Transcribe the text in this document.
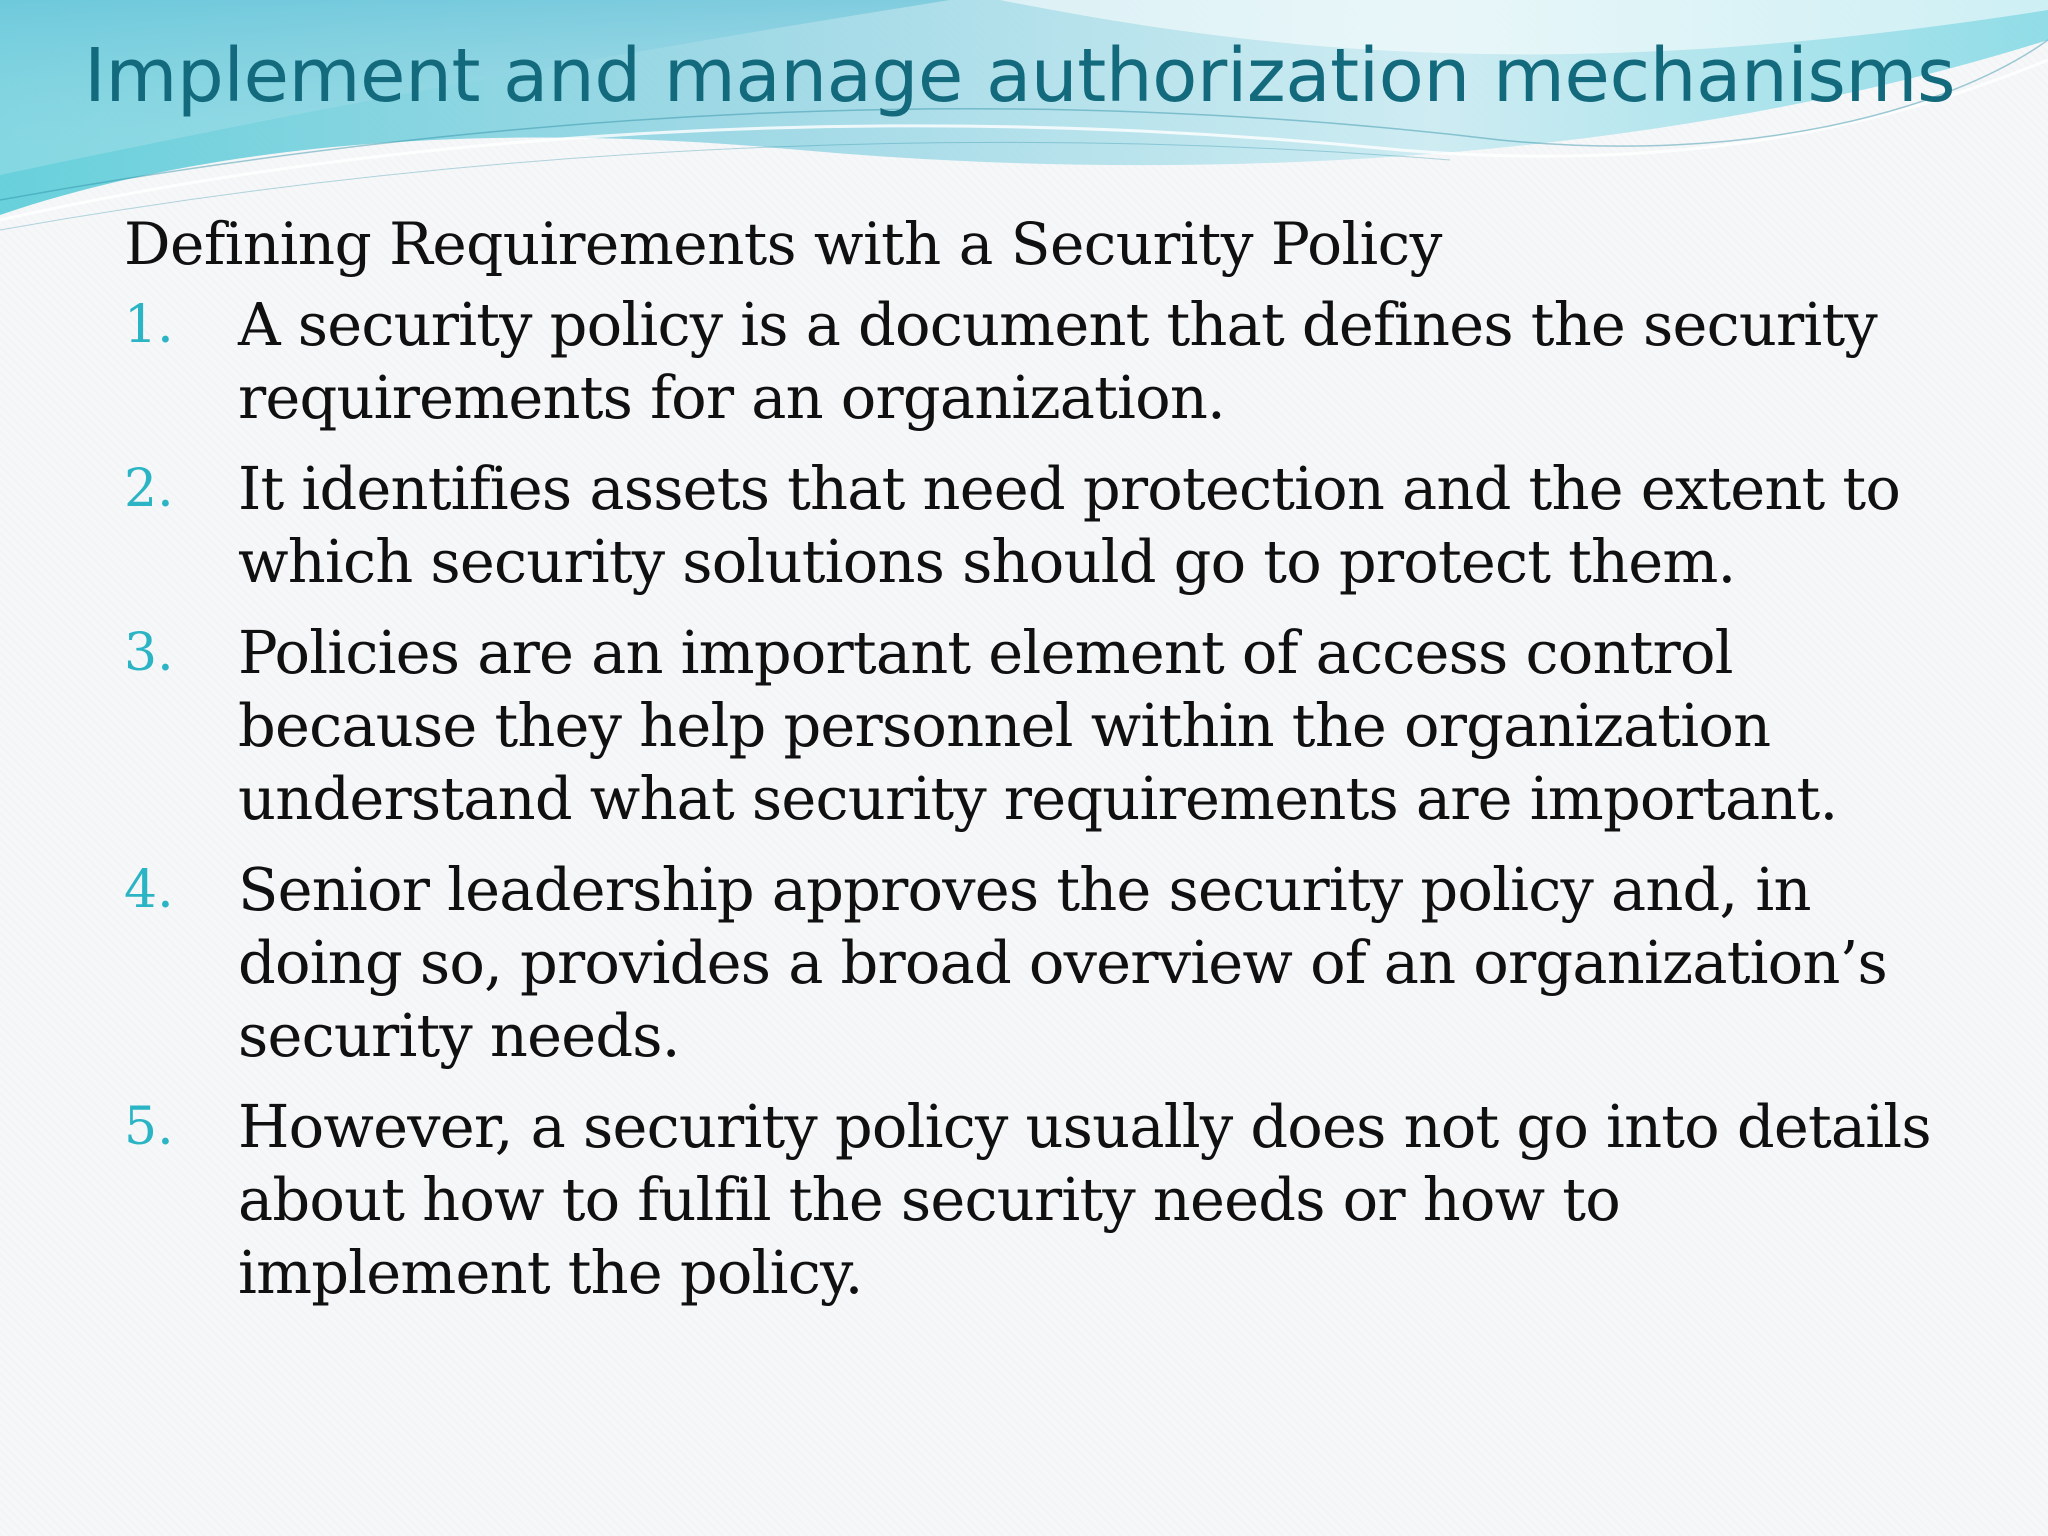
Implement and manage authorization mechanisms

Defining Requirements with a Security Policy

1.	A security policy is a document that defines the security requirements for an organization.
2.	It identifies assets that need protection and the extent to which security solutions should go to protect them.
3.	Policies are an important element of access control because they help personnel within the organization understand what security requirements are important.
4.	Senior leadership approves the security policy and, in doing so, provides a broad overview of an organization’s security needs.
5.	However, a security policy usually does not go into details about how to fulfil the security needs or how to implement the policy.
